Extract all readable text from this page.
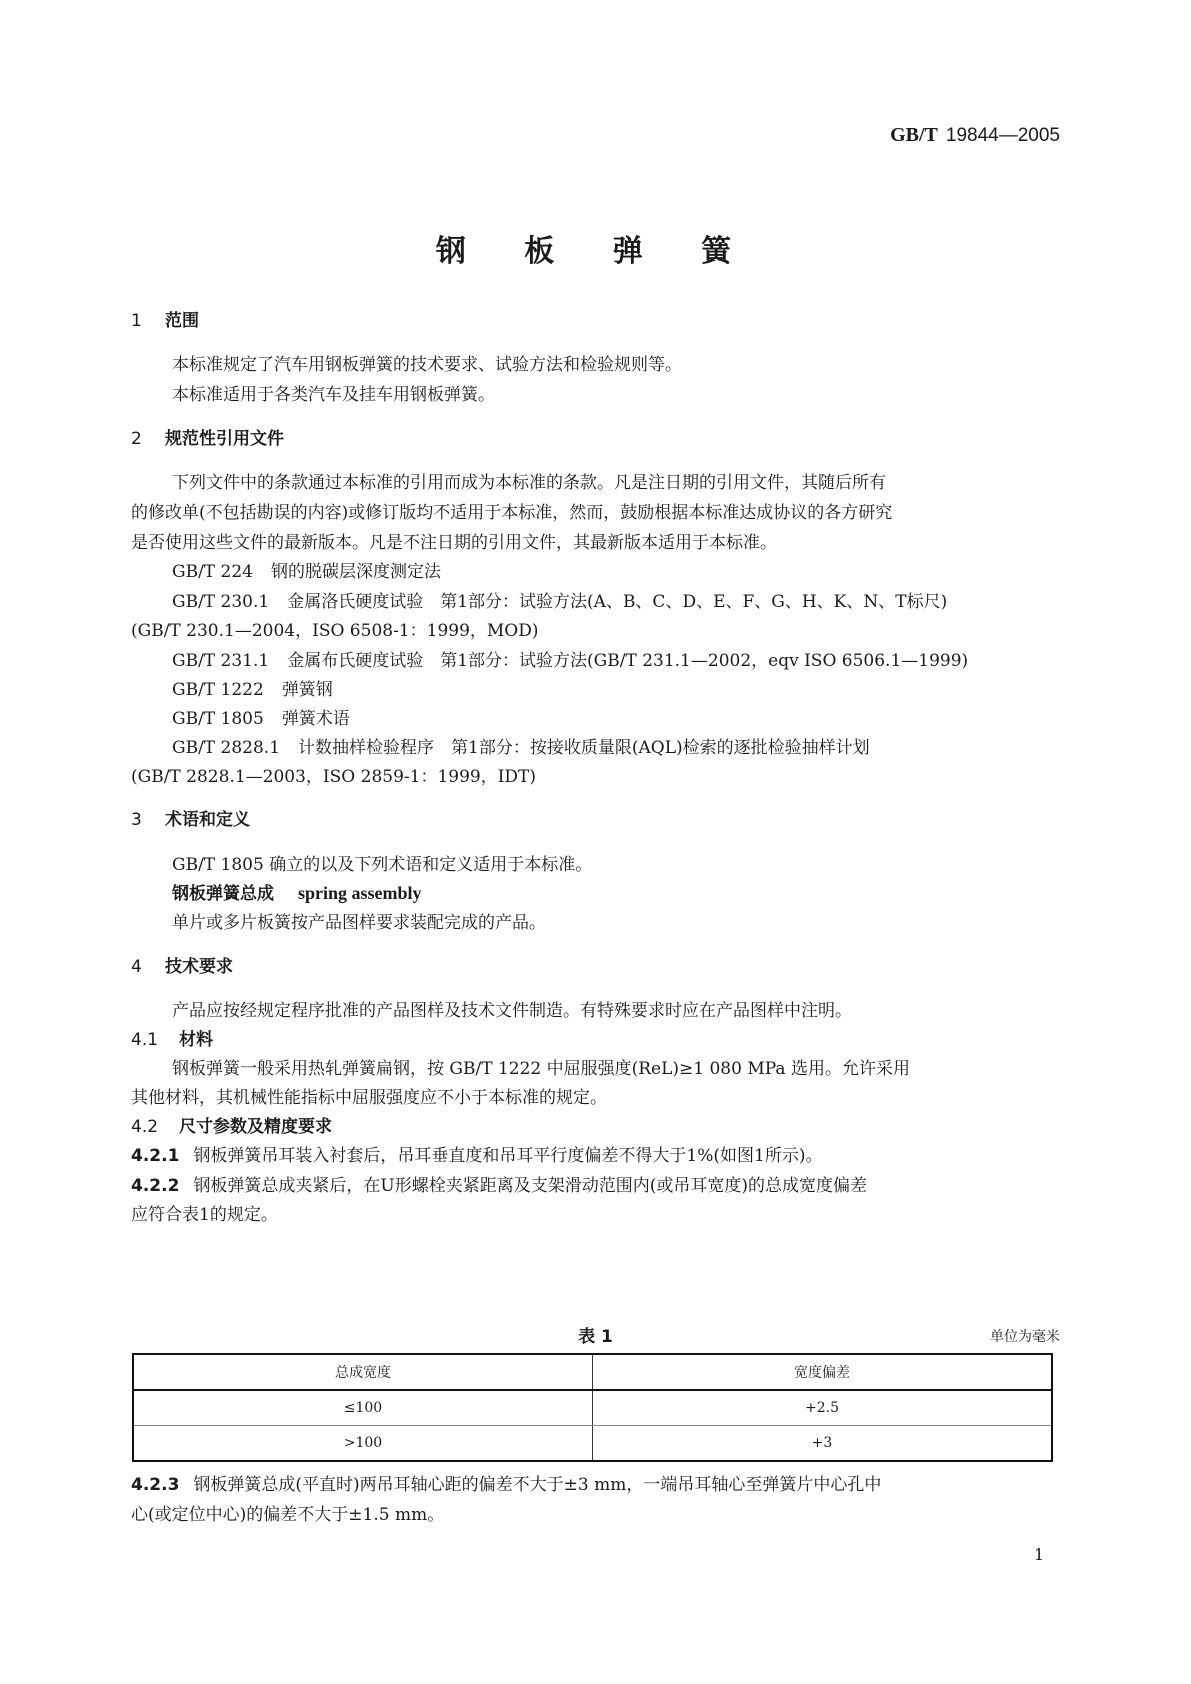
GB/T 19844—2005
钢 板 弹 簧
1 范围
本标准规定了汽车用钢板弹簧的技术要求、试验方法和检验规则等。
本标准适用于各类汽车及挂车用钢板弹簧。
2 规范性引用文件
下列文件中的条款通过本标准的引用而成为本标准的条款。凡是注日期的引用文件，其随后所有
的修改单(不包括勘误的内容)或修订版均不适用于本标准，然而，鼓励根据本标准达成协议的各方研究
是否使用这些文件的最新版本。凡是不注日期的引用文件，其最新版本适用于本标准。
GB/T 224 钢的脱碳层深度测定法
GB/T 230.1 金属洛氏硬度试验　第1部分：试验方法(A、B、C、D、E、F、G、H、K、N、T标尺)
(GB/T 230.1—2004，ISO 6508-1：1999，MOD)
GB/T 231.1 金属布氏硬度试验　第1部分：试验方法(GB/T 231.1—2002，eqv ISO 6506.1—1999)
GB/T 1222 弹簧钢
GB/T 1805 弹簧术语
GB/T 2828.1 计数抽样检验程序　第1部分：按接收质量限(AQL)检索的逐批检验抽样计划
(GB/T 2828.1—2003，ISO 2859-1：1999，IDT)
3 术语和定义
GB/T 1805 确立的以及下列术语和定义适用于本标准。
钢板弹簧总成 spring assembly
单片或多片板簧按产品图样要求装配完成的产品。
4 技术要求
产品应按经规定程序批准的产品图样及技术文件制造。有特殊要求时应在产品图样中注明。
4.1 材料
钢板弹簧一般采用热轧弹簧扁钢，按 GB/T 1222 中屈服强度(ReL)≥1 080 MPa 选用。允许采用
其他材料，其机械性能指标中屈服强度应不小于本标准的规定。
4.2 尺寸参数及精度要求
4.2.1 钢板弹簧吊耳装入衬套后，吊耳垂直度和吊耳平行度偏差不得大于1%(如图1所示)。
4.2.2 钢板弹簧总成夹紧后，在U形螺栓夹紧距离及支架滑动范围内(或吊耳宽度)的总成宽度偏差
应符合表1的规定。
表 1	单位为毫米
总成宽度	宽度偏差
≤100	+2.5
>100	+3
4.2.3 钢板弹簧总成(平直时)两吊耳轴心距的偏差不大于±3 mm，一端吊耳轴心至弹簧片中心孔中
心(或定位中心)的偏差不大于±1.5 mm。
1
